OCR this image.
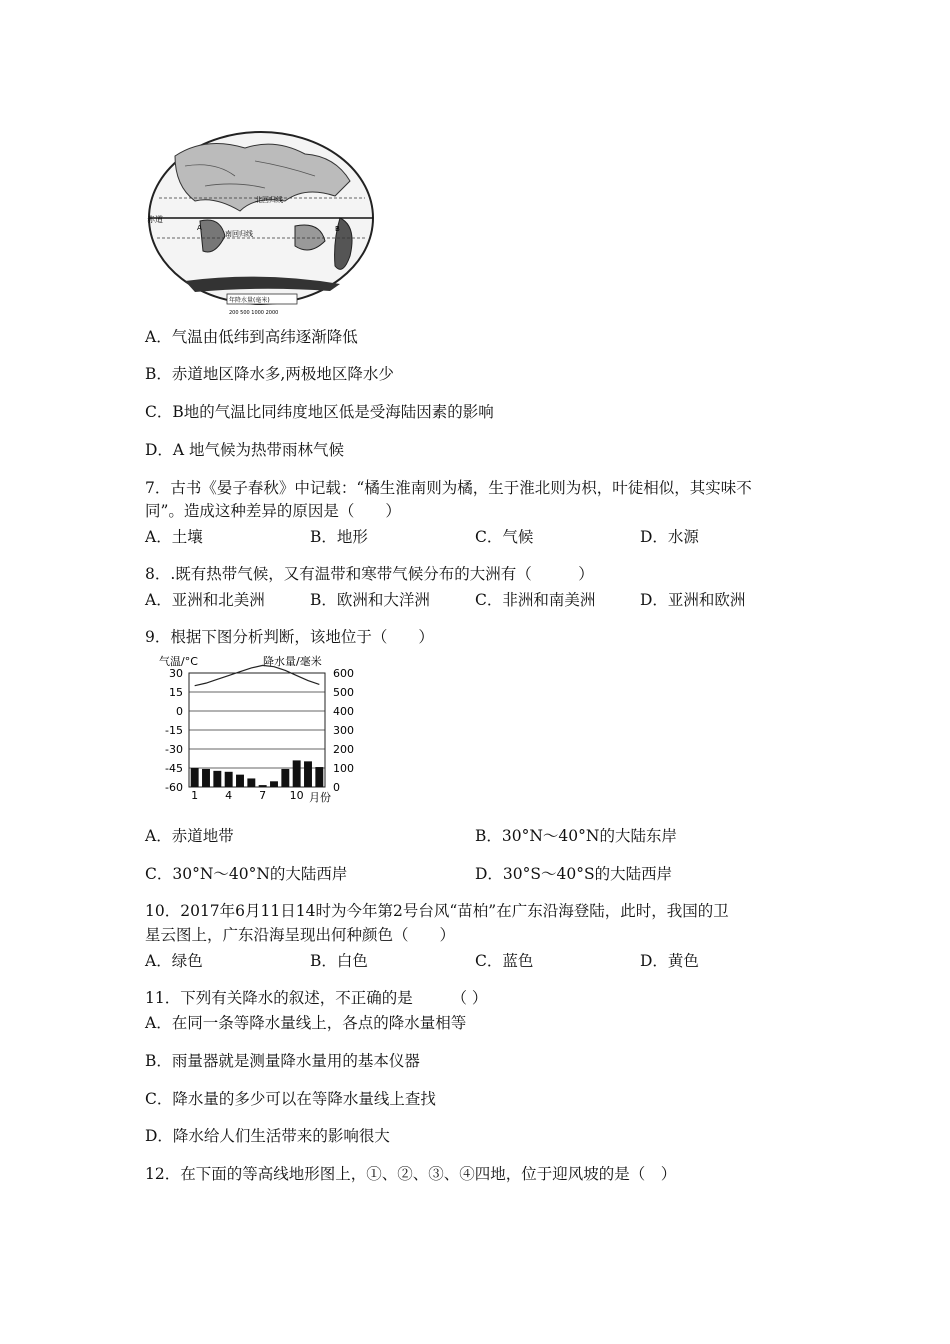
赤道
北回归线
南回归线
A	B
年降水量(毫米)
200 500 1000 2000
A．气温由低纬到高纬逐渐降低
B．赤道地区降水多,两极地区降水少
C．B地的气温比同纬度地区低是受海陆因素的影响
D．A 地气候为热带雨林气候
7．古书《晏子春秋》中记载：“橘生淮南则为橘，生于淮北则为枳，叶徒相似，其实味不
同”。造成这种差异的原因是（　　）
A．土壤	B．地形	C．气候	D．水源
8．.既有热带气候，又有温带和寒带气候分布的大洲有（　　　）
A．亚洲和北美洲	B．欧洲和大洋洲	C．非洲和南美洲	D．亚洲和欧洲
9．根据下图分析判断，该地位于（　　）
气温/°C	降水量/毫米
月份
30	600
15	500
0	400
-15	300
-30	200
-45	100
-60	0
1 4 7 10
A．赤道地带	B．30°N～40°N的大陆东岸
C．30°N～40°N的大陆西岸	D．30°S～40°S的大陆西岸
10．2017年6月11日14时为今年第2号台风“苗柏”在广东沿海登陆，此时，我国的卫
星云图上，广东沿海呈现出何种颜色（　　）
A．绿色	B．白色	C．蓝色	D．黄色
11．下列有关降水的叙述，不正确的是　　　（ ）
A．在同一条等降水量线上，各点的降水量相等
B．雨量器就是测量降水量用的基本仪器
C．降水量的多少可以在等降水量线上查找
D．降水给人们生活带来的影响很大
12．在下面的等高线地形图上，①、②、③、④四地，位于迎风坡的是（　）
